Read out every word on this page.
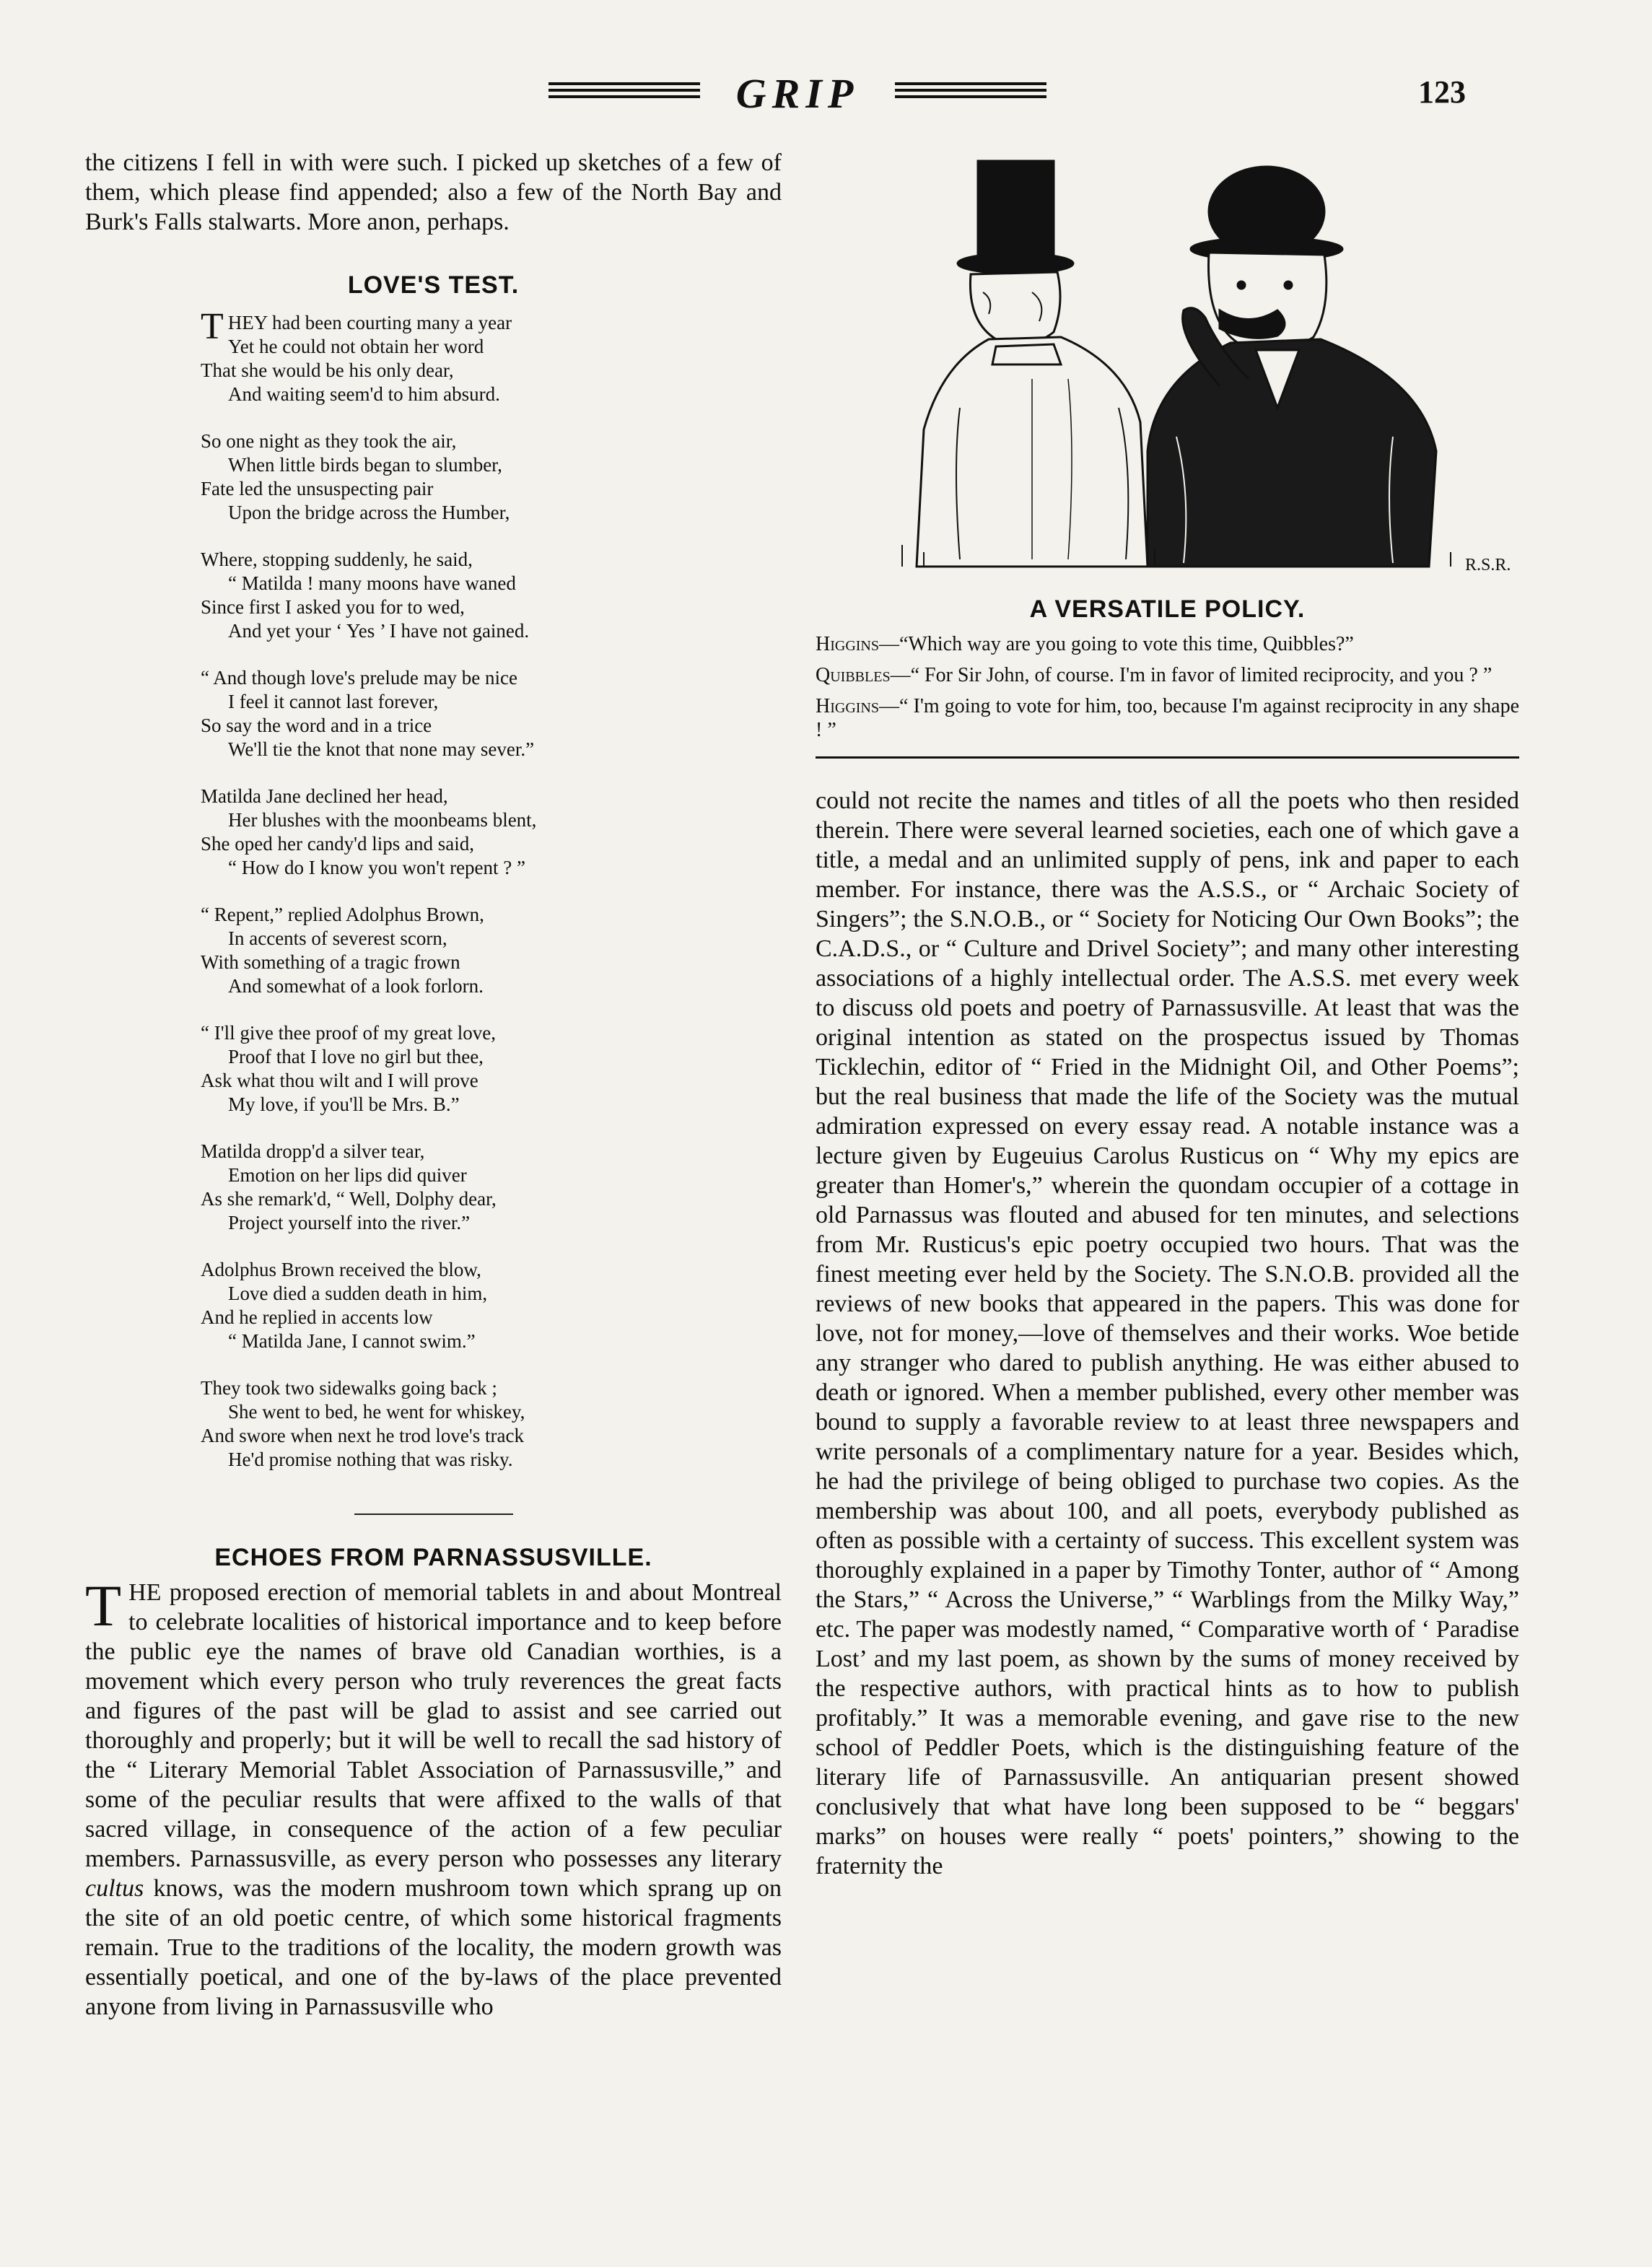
GRIP	123

the citizens I fell in with were such. I picked up sketches of a few of them, which please find appended; also a few of the North Bay and Burk's Falls stalwarts. More anon, perhaps.

LOVE'S TEST.
T HEY had been courting many a year
Yet he could not obtain her word
That she would be his only dear,
And waiting seem'd to him absurd.
So one night as they took the air,
When little birds began to slumber,
Fate led the unsuspecting pair
Upon the bridge across the Humber,
Where, stopping suddenly, he said,
“ Matilda ! many moons have waned
Since first I asked you for to wed,
And yet your ‘ Yes ’ I have not gained.
“ And though love's prelude may be nice
I feel it cannot last forever,
So say the word and in a trice
We'll tie the knot that none may sever.”
Matilda Jane declined her head,
Her blushes with the moonbeams blent,
She oped her candy'd lips and said,
“ How do I know you won't repent ? ”
“ Repent,” replied Adolphus Brown,
In accents of severest scorn,
With something of a tragic frown
And somewhat of a look forlorn.
“ I'll give thee proof of my great love,
Proof that I love no girl but thee,
Ask what thou wilt and I will prove
My love, if you'll be Mrs. B.”
Matilda dropp'd a silver tear,
Emotion on her lips did quiver
As she remark'd, “ Well, Dolphy dear,
Project yourself into the river.”
Adolphus Brown received the blow,
Love died a sudden death in him,
And he replied in accents low
“ Matilda Jane, I cannot swim.”
They took two sidewalks going back ;
She went to bed, he went for whiskey,
And swore when next he trod love's track
He'd promise nothing that was risky.
ECHOES FROM PARNASSUSVILLE.

THE proposed erection of memorial tablets in and about Montreal to celebrate localities of historical importance and to keep before the public eye the names of brave old Canadian worthies, is a movement which every person who truly reverences the great facts and figures of the past will be glad to assist and see carried out thoroughly and properly; but it will be well to recall the sad history of the “ Literary Memorial Tablet Association of Parnassusville,” and some of the peculiar results that were affixed to the walls of that sacred village, in consequence of the action of a few peculiar members. Parnassusville, as every person who possesses any literary cultus knows, was the modern mushroom town which sprang up on the site of an old poetic centre, of which some historical fragments remain. True to the traditions of the locality, the modern growth was essentially poetical, and one of the by-laws of the place prevented anyone from living in Parnassusville who

R.S.R.
A VERSATILE POLICY.

Higgins—“Which way are you going to vote this time, Quibbles?”

Quibbles—“ For Sir John, of course. I'm in favor of limited reciprocity, and you ? ”

Higgins—“ I'm going to vote for him, too, because I'm against reciprocity in any shape ! ”

could not recite the names and titles of all the poets who then resided therein. There were several learned societies, each one of which gave a title, a medal and an unlimited supply of pens, ink and paper to each member. For instance, there was the A.S.S., or “ Archaic Society of Singers”; the S.N.O.B., or “ Society for Noticing Our Own Books”; the C.A.D.S., or “ Culture and Drivel Society”; and many other interesting associations of a highly intellectual order. The A.S.S. met every week to discuss old poets and poetry of Parnassusville. At least that was the original intention as stated on the prospectus issued by Thomas Ticklechin, editor of “ Fried in the Midnight Oil, and Other Poems”; but the real business that made the life of the Society was the mutual admiration expressed on every essay read. A notable instance was a lecture given by Eugeuius Carolus Rusticus on “ Why my epics are greater than Homer's,” wherein the quondam occupier of a cottage in old Parnassus was flouted and abused for ten minutes, and selections from Mr. Rusticus's epic poetry occupied two hours. That was the finest meeting ever held by the Society. The S.N.O.B. provided all the reviews of new books that appeared in the papers. This was done for love, not for money,—love of themselves and their works. Woe betide any stranger who dared to publish anything. He was either abused to death or ignored. When a member published, every other member was bound to supply a favorable review to at least three newspapers and write personals of a complimentary nature for a year. Besides which, he had the privilege of being obliged to purchase two copies. As the membership was about 100, and all poets, everybody published as often as possible with a certainty of success. This excellent system was thoroughly explained in a paper by Timothy Tonter, author of “ Among the Stars,” “ Across the Universe,” “ Warblings from the Milky Way,” etc. The paper was modestly named, “ Comparative worth of ‘ Paradise Lost’ and my last poem, as shown by the sums of money received by the respective authors, with practical hints as to how to publish profitably.” It was a memorable evening, and gave rise to the new school of Peddler Poets, which is the distinguishing feature of the literary life of Parnassusville. An antiquarian present showed conclusively that what have long been supposed to be “ beggars' marks” on houses were really “ poets' pointers,” showing to the fraternity the
